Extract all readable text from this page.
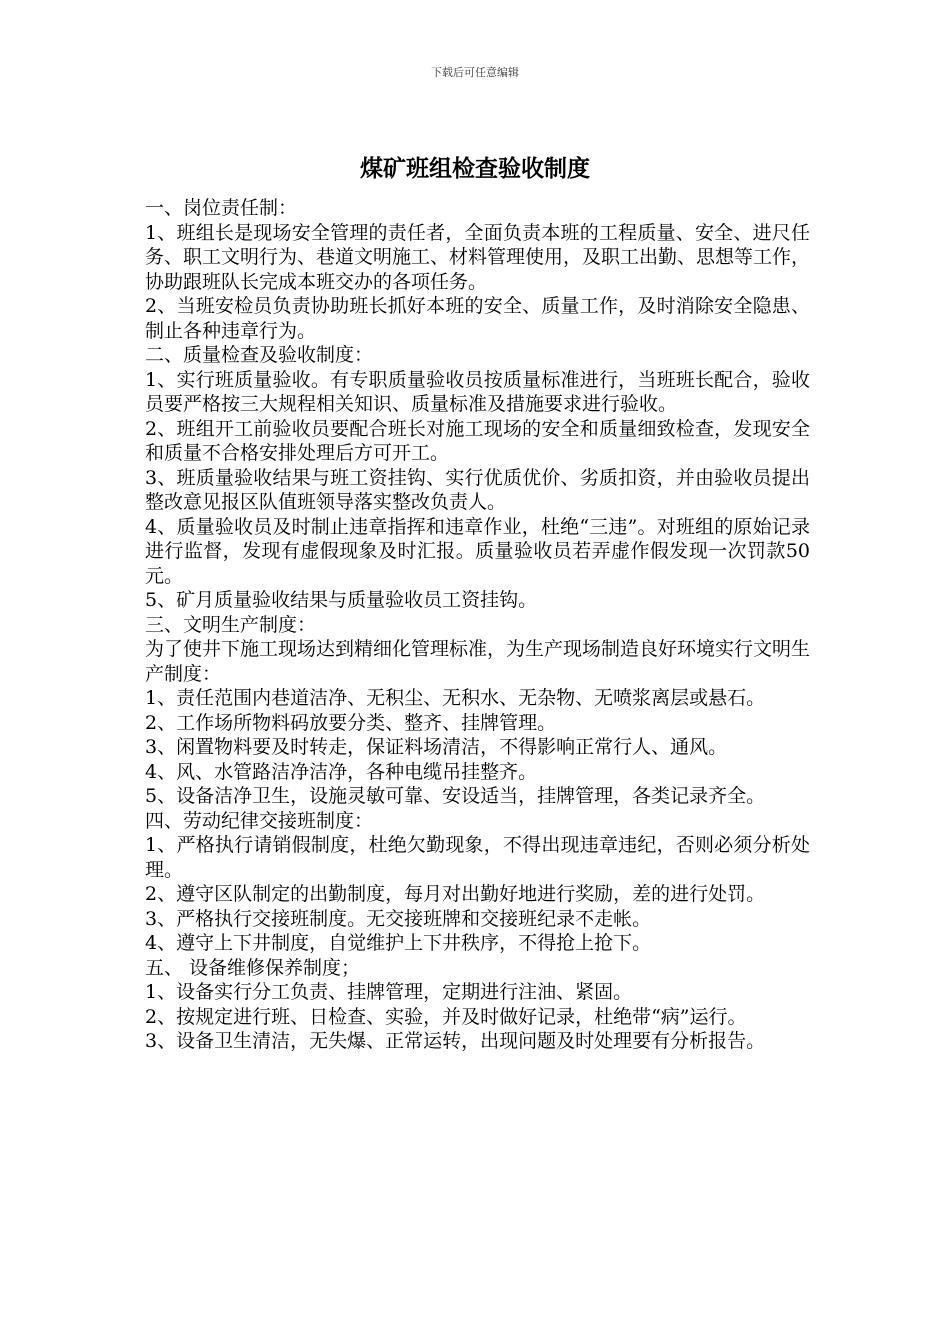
下载后可任意编辑
煤矿班组检查验收制度

一、岗位责任制：

1、班组长是现场安全管理的责任者，全面负责本班的工程质量、安全、进尺任务、职工文明行为、巷道文明施工、材料管理使用，及职工出勤、思想等工作，协助跟班队长完成本班交办的各项任务。

2、当班安检员负责协助班长抓好本班的安全、质量工作，及时消除安全隐患、制止各种违章行为。

二、质量检查及验收制度：

1、实行班质量验收。有专职质量验收员按质量标准进行，当班班长配合，验收员要严格按三大规程相关知识、质量标准及措施要求进行验收。

2、班组开工前验收员要配合班长对施工现场的安全和质量细致检查，发现安全和质量不合格安排处理后方可开工。

3、班质量验收结果与班工资挂钩、实行优质优价、劣质扣资，并由验收员提出整改意见报区队值班领导落实整改负责人。

4、质量验收员及时制止违章指挥和违章作业，杜绝“三违”。对班组的原始记录进行监督，发现有虚假现象及时汇报。质量验收员若弄虚作假发现一次罚款50元。

5、矿月质量验收结果与质量验收员工资挂钩。

三、文明生产制度：

为了使井下施工现场达到精细化管理标准，为生产现场制造良好环境实行文明生产制度：

1、责任范围内巷道洁净、无积尘、无积水、无杂物、无喷浆离层或悬石。

2、工作场所物料码放要分类、整齐、挂牌管理。

3、闲置物料要及时转走，保证料场清洁，不得影响正常行人、通风。

4、风、水管路洁净洁净，各种电缆吊挂整齐。

5、设备洁净卫生，设施灵敏可靠、安设适当，挂牌管理，各类记录齐全。

四、劳动纪律交接班制度：

1、严格执行请销假制度，杜绝欠勤现象，不得出现违章违纪，否则必须分析处理。

2、遵守区队制定的出勤制度，每月对出勤好地进行奖励，差的进行处罚。

3、严格执行交接班制度。无交接班牌和交接班纪录不走帐。

4、遵守上下井制度，自觉维护上下井秩序，不得抢上抢下。

五、 设备维修保养制度；

1、设备实行分工负责、挂牌管理，定期进行注油、紧固。

2、按规定进行班、日检查、实验，并及时做好记录，杜绝带“病”运行。

3、设备卫生清洁，无失爆、正常运转，出现问题及时处理要有分析报告。
